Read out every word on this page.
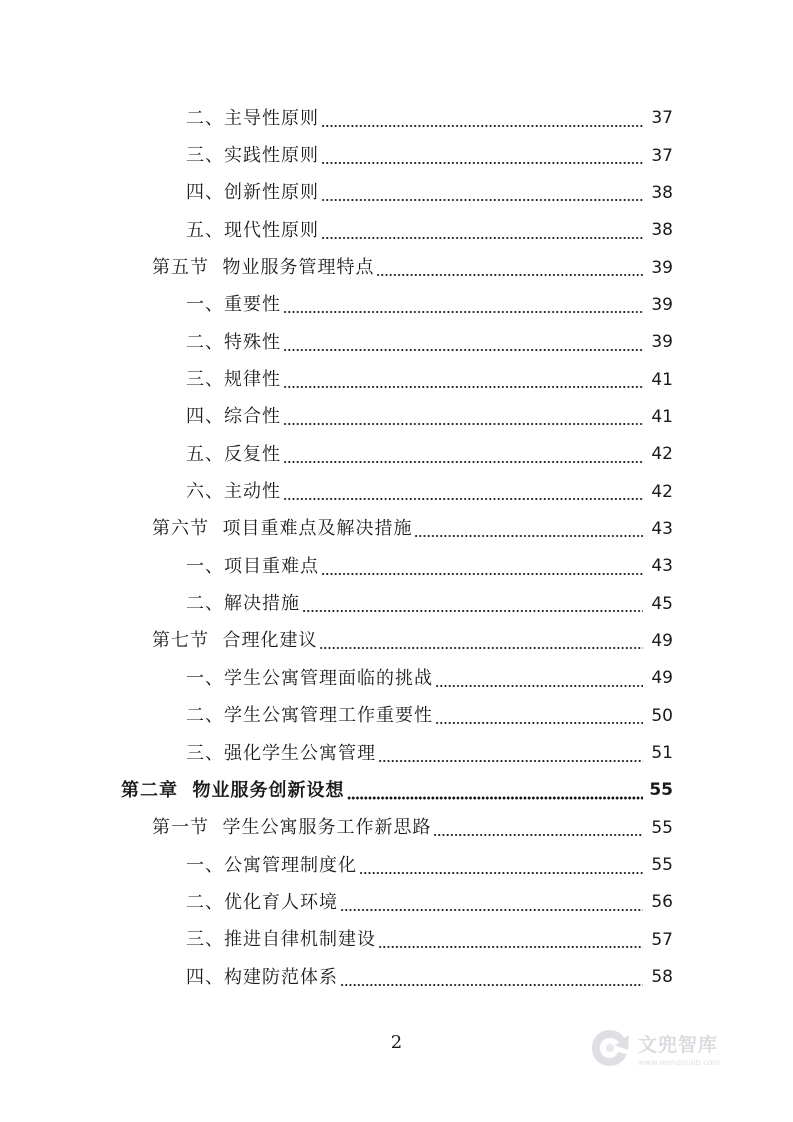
二、主导性原则	37
三、实践性原则	37
四、创新性原则	38
五、现代性原则	38
第五节  物业服务管理特点	39
一、重要性	39
二、特殊性	39
三、规律性	41
四、综合性	41
五、反复性	42
六、主动性	42
第六节  项目重难点及解决措施	43
一、项目重难点	43
二、解决措施	45
第七节  合理化建议	49
一、学生公寓管理面临的挑战	49
二、学生公寓管理工作重要性	50
三、强化学生公寓管理	51
第二章  物业服务创新设想	55
第一节  学生公寓服务工作新思路	55
一、公寓管理制度化	55
二、优化育人环境	56
三、推进自律机制建设	57
四、构建防范体系	58
2	文兜智库
www.wendoulib.com
